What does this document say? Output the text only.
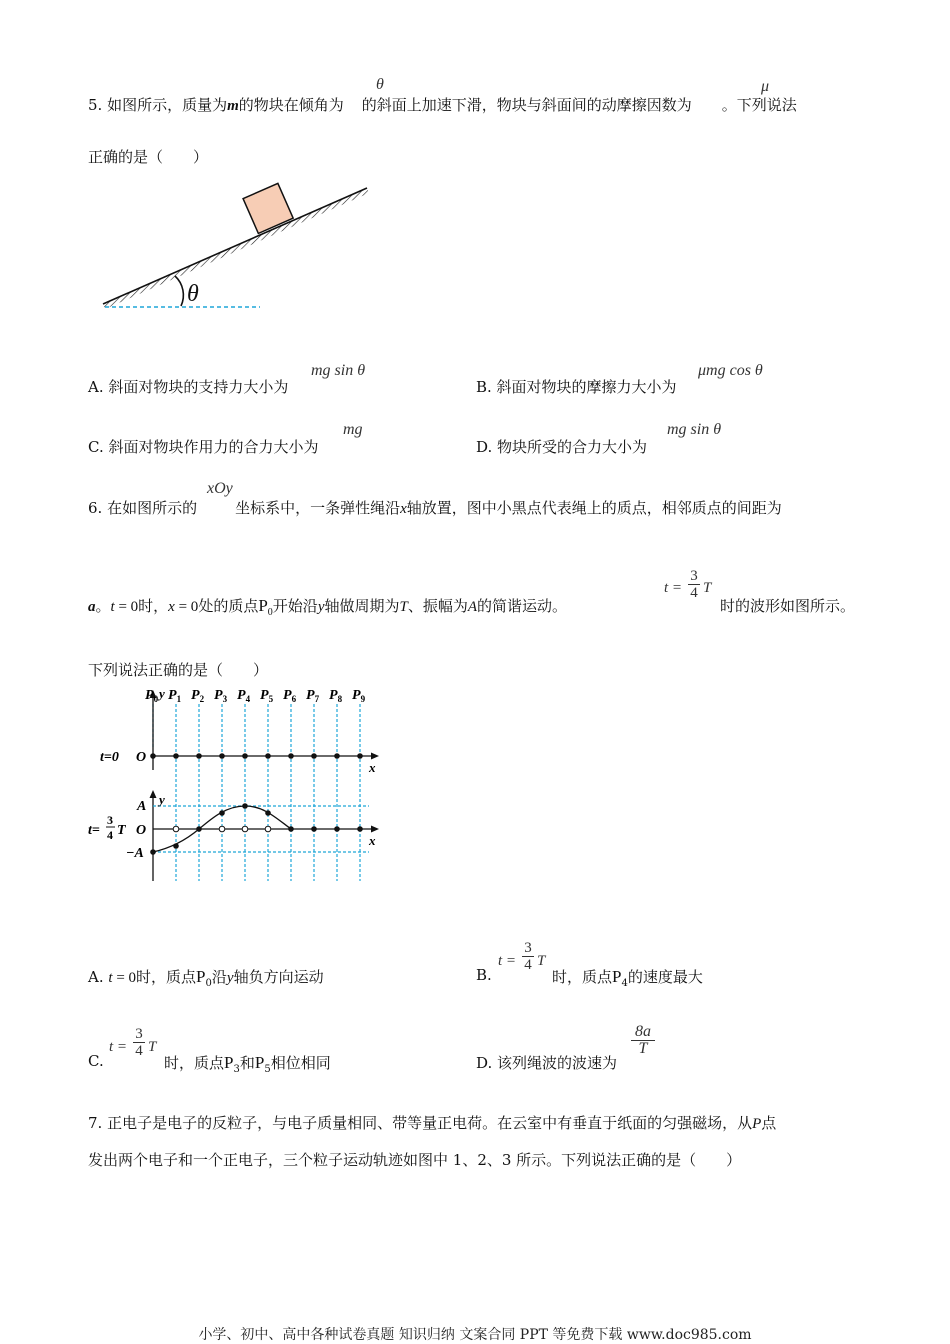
5. 如图所示，质量为m的物块在倾角为 的斜面上加速下滑，物块与斜面间的动摩擦因数为 。下列说法
θ	μ
正确的是（　　）
θ
A. 斜面对物块的支持力大小为
mg sin θ
B. 斜面对物块的摩擦力大小为
μmg cos θ
C. 斜面对物块作用力的合力大小为
mg
D. 物块所受的合力大小为
mg sin θ
6. 在如图所示的	坐标系中，一条弹性绳沿x轴放置，图中小黑点代表绳上的质点，相邻质点的间距为
xOy
a。t = 0时，x = 0处的质点$P_0$开始沿y轴做周期为T、振幅为A的简谐运动。
t =
3
4 T
时的波形如图所示。
下列说法正确的是（　　）
$P_0$ $P_1$ $P_2$ $P_3$ $P_4$ $P_5$ $P_6$ $P_7$ $P_8$ $P_9$
y
x
y
x
t=0 O
t=
3
4 T O
A
−A
A. t = 0时，质点$P_0$沿y轴负方向运动	B.
t =
3
4 T
时，质点$P_4$的速度最大
C.
t =
3
4 T
时，质点$P_3$和$P_5$相位相同	D. 该列绳波的波速为
8a
T
7. 正电子是电子的反粒子，与电子质量相同、带等量正电荷。在云室中有垂直于纸面的匀强磁场，从P点
发出两个电子和一个正电子，三个粒子运动轨迹如图中 1、2、3 所示。下列说法正确的是（　　）
小学、初中、高中各种试卷真题 知识归纳 文案合同 PPT 等免费下载 www.doc985.com
